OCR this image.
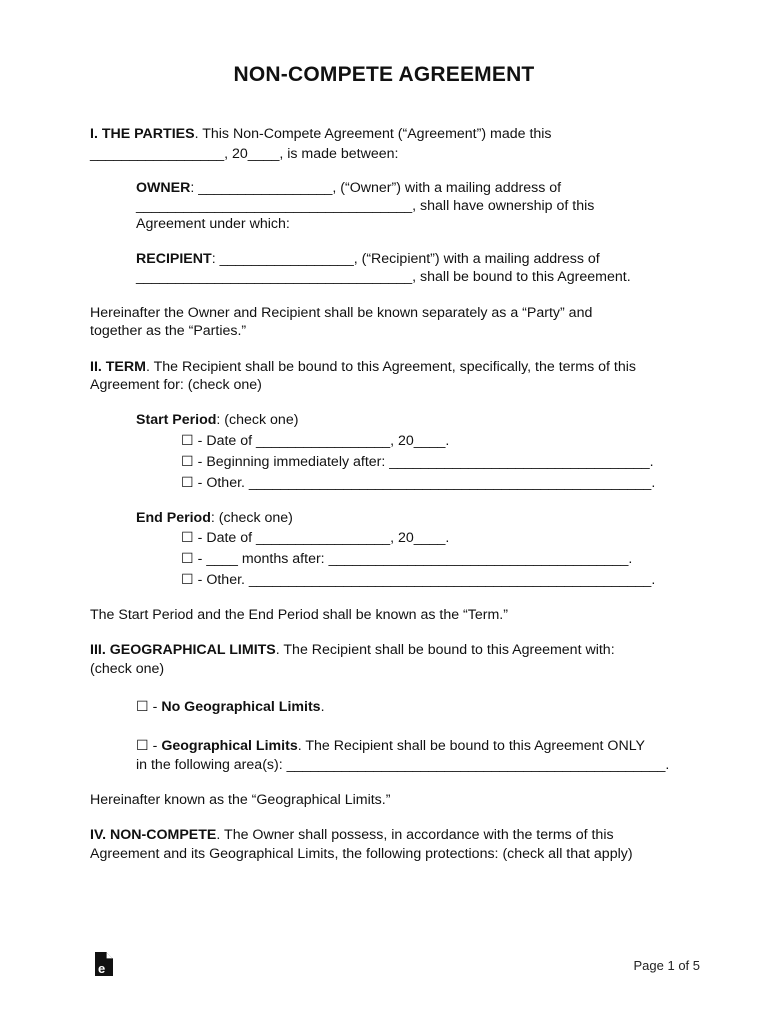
NON-COMPETE AGREEMENT
I. THE PARTIES. This Non-Compete Agreement (“Agreement”) made this
_________________, 20____, is made between:
OWNER: _________________, (“Owner”) with a mailing address of
___________________________________, shall have ownership of this
Agreement under which:
RECIPIENT: _________________, (“Recipient”) with a mailing address of
___________________________________, shall be bound to this Agreement.
Hereinafter the Owner and Recipient shall be known separately as a “Party” and
together as the “Parties.”
II. TERM. The Recipient shall be bound to this Agreement, specifically, the terms of this
Agreement for: (check one)
Start Period: (check one)
☐ - Date of _________________, 20____.
☐ - Beginning immediately after: _________________________________.
☐ - Other. ___________________________________________________.
End Period: (check one)
☐ - Date of _________________, 20____.
☐ - ____ months after: ______________________________________.
☐ - Other. ___________________________________________________.
The Start Period and the End Period shall be known as the “Term.”
III. GEOGRAPHICAL LIMITS. The Recipient shall be bound to this Agreement with:
(check one)
☐ - No Geographical Limits.
☐ - Geographical Limits. The Recipient shall be bound to this Agreement ONLY
in the following area(s): ________________________________________________.
Hereinafter known as the “Geographical Limits.”
IV. NON-COMPETE. The Owner shall possess, in accordance with the terms of this
Agreement and its Geographical Limits, the following protections: (check all that apply)
e	Page 1 of 5
